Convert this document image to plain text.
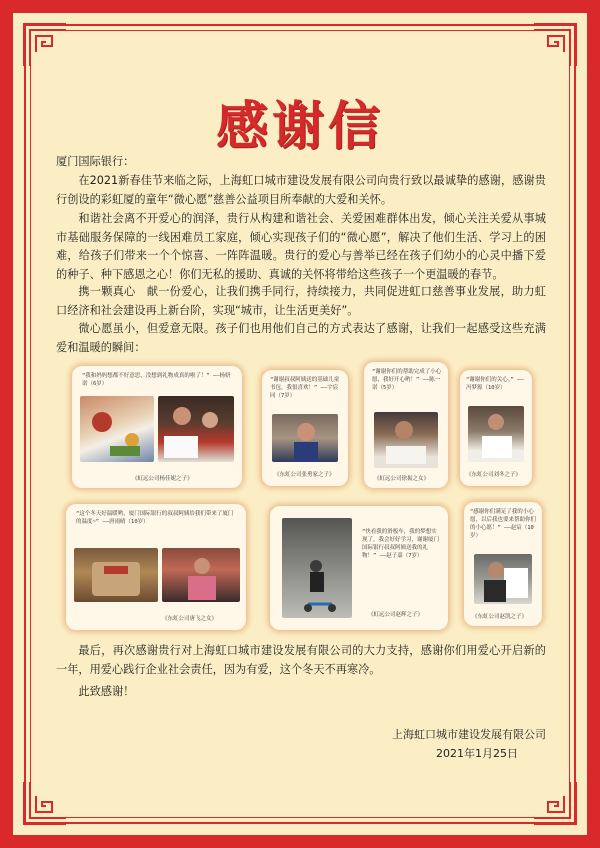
感谢信
厦门国际银行：
在2021新春佳节来临之际，上海虹口城市建设发展有限公司向贵行致以最诚挚的感谢，感谢贵行创设的彩虹厦的童年“微心愿”慈善公益项目所奉献的大爱和关怀。
和谐社会离不开爱心的润泽，贵行从构建和谐社会、关爱困难群体出发，倾心关注关爱从事城市基础服务保障的一线困难员工家庭，倾心实现孩子们的“微心愿”，解决了他们生活、学习上的困难，给孩子们带来一个个惊喜、一阵阵温暖。贵行的爱心与善举已经在孩子们幼小的心灵中播下爱的种子、种下感恩之心！你们无私的援助、真诚的关怀将带给这些孩子一个更温暖的春节。
携一颗真心　献一份爱心，让我们携手同行，持续接力，共同促进虹口慈善事业发展，助力虹口经济和社会建设再上新台阶，实现“城市，让生活更美好”。
微心愿虽小，但爱意无限。孩子们也用他们自己的方式表达了感谢，让我们一起感受这些充满爱和温暖的瞬间：
“我和妈妈想都不好意思，没想到礼物成真的啦了！” ——杨妍诺（6岁）
《虹远公司杨佳妮之子》
“谢谢叔叔阿姨送的基础儿童书包，我很喜欢！” ——宇宸同（7岁）
《东虹公司张勇家之子》
“谢谢你们的帮助完成了小心愿，我好开心哟！” ——陈一诺（5岁）
《虹远公司徐振之女》
“谢谢你们的关心。” ——冯梦源（10岁）
《东虹公司刘冬之子》
“这个冬天好温暖哟，厦门国际银行的叔叔阿姨给我们带来了厦门的温度~” ——唐雨晴（10岁）
《东虹公司唐飞之女》
“快看我的滑板车，我的梦想实现了，我会好好学习，谢谢厦门国际银行叔叔阿姨送我的礼物！” ——赵子嘉（7岁）
《虹远公司赵辉之子》
“感谢你们满足了我的小心愿，以后我也要来帮助你们的小心愿！” ——赵宸（10岁）
《东虹公司赵凯之子》
最后，再次感谢贵行对上海虹口城市建设发展有限公司的大力支持，感谢你们用爱心开启新的一年，用爱心践行企业社会责任，因为有爱，这个冬天不再寒冷。
此致感谢！
上海虹口城市建设发展有限公司
2021年1月25日
